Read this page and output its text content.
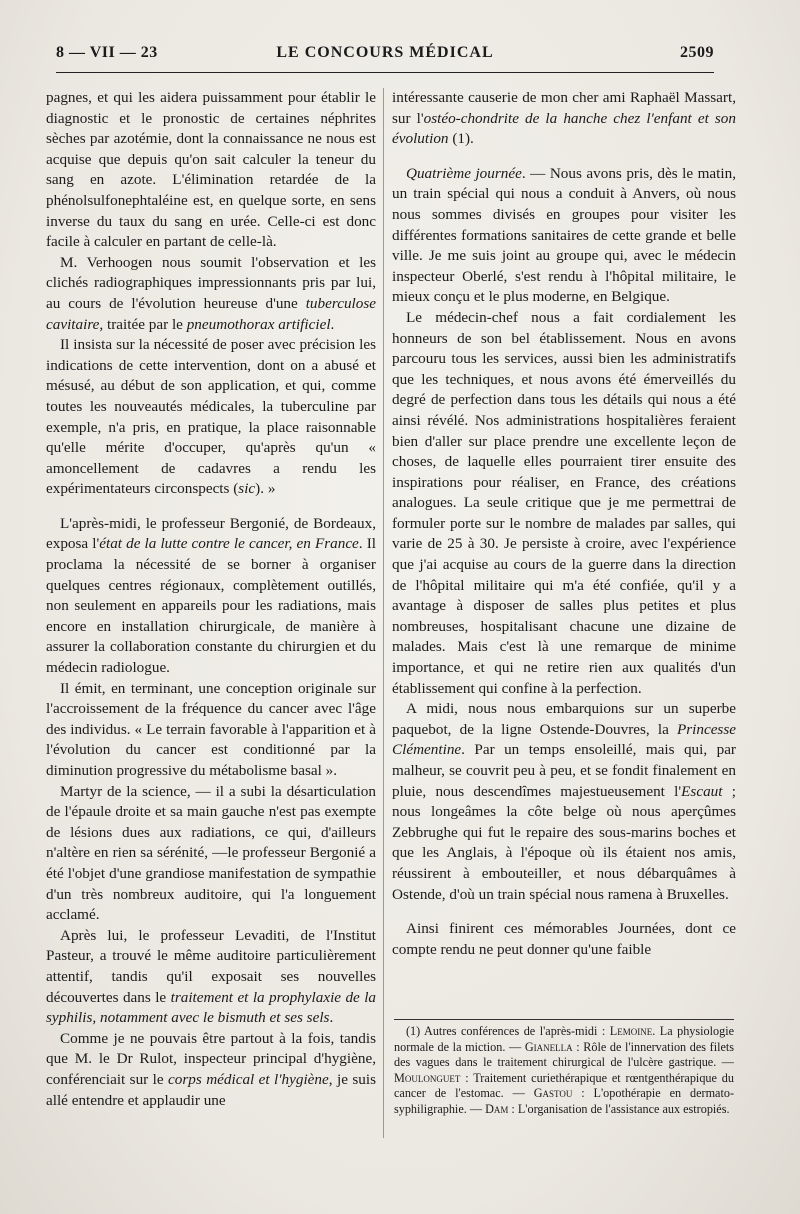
8 — VII — 23	LE CONCOURS MÉDICAL	2509

pagnes, et qui les aidera puissamment pour établir le diagnostic et le pronostic de certaines néphrites sèches par azotémie, dont la connaissance ne nous est acquise que depuis qu'on sait calculer la teneur du sang en azote. L'élimination retardée de la phénolsulfonephtaléine est, en quelque sorte, en sens inverse du taux du sang en urée. Celle-ci est donc facile à calculer en partant de celle-là.

M. Verhoogen nous soumit l'observation et les clichés radiographiques impressionnants pris par lui, au cours de l'évolution heureuse d'une tuberculose cavitaire, traitée par le pneumothorax artificiel.

Il insista sur la nécessité de poser avec précision les indications de cette intervention, dont on a abusé et mésusé, au début de son application, et qui, comme toutes les nouveautés médicales, la tuberculine par exemple, n'a pris, en pratique, la place raisonnable qu'elle mérite d'occuper, qu'après qu'un « amoncellement de cadavres a rendu les expérimentateurs circonspects (sic). »

L'après-midi, le professeur Bergonié, de Bordeaux, exposa l'état de la lutte contre le cancer, en France. Il proclama la nécessité de se borner à organiser quelques centres régionaux, complètement outillés, non seulement en appareils pour les radiations, mais encore en installation chirurgicale, de manière à assurer la collaboration constante du chirurgien et du médecin radiologue.

Il émit, en terminant, une conception originale sur l'accroissement de la fréquence du cancer avec l'âge des individus. « Le terrain favorable à l'apparition et à l'évolution du cancer est conditionné par la diminution progressive du métabolisme basal ».

Martyr de la science, — il a subi la désarticulation de l'épaule droite et sa main gauche n'est pas exempte de lésions dues aux radiations, ce qui, d'ailleurs n'altère en rien sa sérénité, —le professeur Bergonié a été l'objet d'une grandiose manifestation de sympathie d'un très nombreux auditoire, qui l'a longuement acclamé.

Après lui, le professeur Levaditi, de l'Institut Pasteur, a trouvé le même auditoire particulièrement attentif, tandis qu'il exposait ses nouvelles découvertes dans le traitement et la prophylaxie de la syphilis, notamment avec le bismuth et ses sels.

Comme je ne pouvais être partout à la fois, tandis que M. le Dr Rulot, inspecteur principal d'hygiène, conférenciait sur le corps médical et l'hygiène, je suis allé entendre et applaudir une

intéressante causerie de mon cher ami Raphaël Massart, sur l'ostéo-chondrite de la hanche chez l'enfant et son évolution (1).

Quatrième journée. — Nous avons pris, dès le matin, un train spécial qui nous a conduit à Anvers, où nous nous sommes divisés en groupes pour visiter les différentes formations sanitaires de cette grande et belle ville. Je me suis joint au groupe qui, avec le médecin inspecteur Oberlé, s'est rendu à l'hôpital militaire, le mieux conçu et le plus moderne, en Belgique.

Le médecin-chef nous a fait cordialement les honneurs de son bel établissement. Nous en avons parcouru tous les services, aussi bien les administratifs que les techniques, et nous avons été émerveillés du degré de perfection dans tous les détails qui nous a été ainsi révélé. Nos administrations hospitalières feraient bien d'aller sur place prendre une excellente leçon de choses, de laquelle elles pourraient tirer ensuite des inspirations pour réaliser, en France, des créations analogues. La seule critique que je me permettrai de formuler porte sur le nombre de malades par salles, qui varie de 25 à 30. Je persiste à croire, avec l'expérience que j'ai acquise au cours de la guerre dans la direction de l'hôpital militaire qui m'a été confiée, qu'il y a avantage à disposer de salles plus petites et plus nombreuses, hospitalisant chacune une dizaine de malades. Mais c'est là une remarque de minime importance, et qui ne retire rien aux qualités d'un établissement qui confine à la perfection.

A midi, nous nous embarquions sur un superbe paquebot, de la ligne Ostende-Douvres, la Princesse Clémentine. Par un temps ensoleillé, mais qui, par malheur, se couvrit peu à peu, et se fondit finalement en pluie, nous descendîmes majestueusement l'Escaut ; nous longeâmes la côte belge où nous aperçûmes Zebbrughe qui fut le repaire des sous-marins boches et que les Anglais, à l'époque où ils étaient nos amis, réussirent à embouteiller, et nous débarquâmes à Ostende, d'où un train spécial nous ramena à Bruxelles.

Ainsi finirent ces mémorables Journées, dont ce compte rendu ne peut donner qu'une faible

(1) Autres conférences de l'après-midi : Lemoine. La physiologie normale de la miction. — Gianella : Rôle de l'innervation des filets des vagues dans le traitement chirurgical de l'ulcère gastrique. — Moulonguet : Traitement curiethérapique et rœntgenthérapique du cancer de l'estomac. — Gastou : L'opothérapie en dermato-syphiligraphie. — Dam : L'organisation de l'assistance aux estropiés.
